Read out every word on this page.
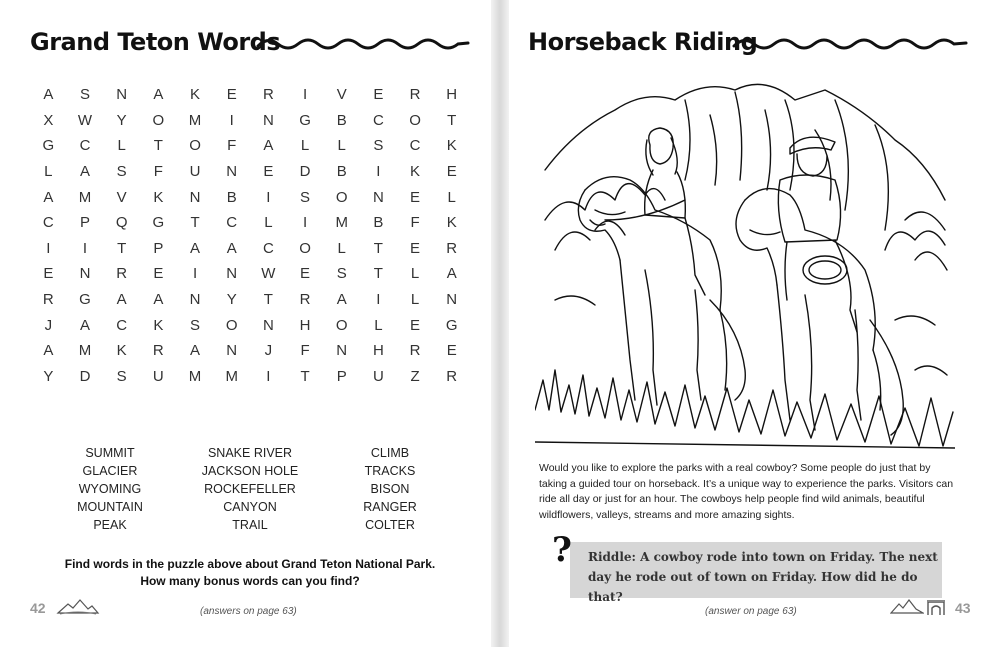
Grand Teton Words
A	S	N	A	K	E	R	I	V	E	R	H
X	W	Y	O	M	I	N	G	B	C	O	T
G	C	L	T	O	F	A	L	L	S	C	K
L	A	S	F	U	N	E	D	B	I	K	E
A	M	V	K	N	B	I	S	O	N	E	L
C	P	Q	G	T	C	L	I	M	B	F	K
I	I	T	P	A	A	C	O	L	T	E	R
E	N	R	E	I	N	W	E	S	T	L	A
R	G	A	A	N	Y	T	R	A	I	L	N
J	A	C	K	S	O	N	H	O	L	E	G
A	M	K	R	A	N	J	F	N	H	R	E
Y	D	S	U	M	M	I	T	P	U	Z	R
SUMMIT
GLACIER
WYOMING
MOUNTAIN
PEAK
SNAKE RIVER
JACKSON HOLE
ROCKEFELLER
CANYON
TRAIL
CLIMB
TRACKS
BISON
RANGER
COLTER
Find words in the puzzle above about Grand Teton National Park. How many bonus words can you find?
42	(answers on page 63)
Horseback Riding
Would you like to explore the parks with a real cowboy? Some people do just that by taking a guided tour on horseback. It’s a unique way to experience the parks. Visitors can ride all day or just for an hour. The cowboys help people find wild animals, beautiful wildflowers, valleys, streams and more amazing sights.
? Riddle: A cowboy rode into town on Friday. The next day he rode out of town on Friday. How did he do that?
(answer on page 63)	43
